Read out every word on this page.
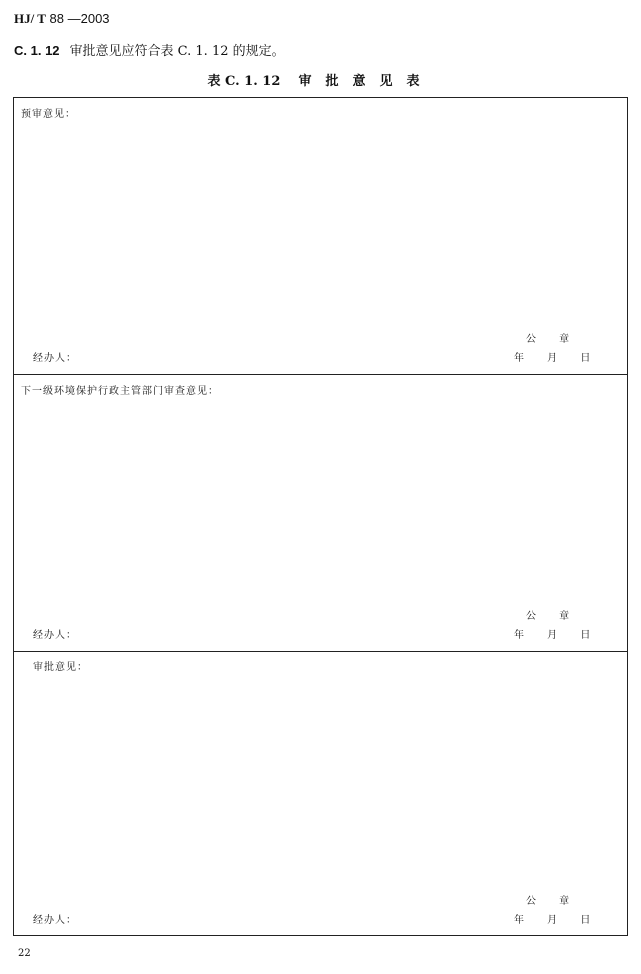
HJ/ T 88 —2003
C. 1. 12 审批意见应符合表 C. 1. 12 的规定。
表 C. 1. 12 审批意见表
预审意见：
公 章
年 月 日
经办人：
下一级环境保护行政主管部门审查意见：
公 章
年 月 日
经办人：
审批意见：
公 章
年 月 日
经办人：
22
